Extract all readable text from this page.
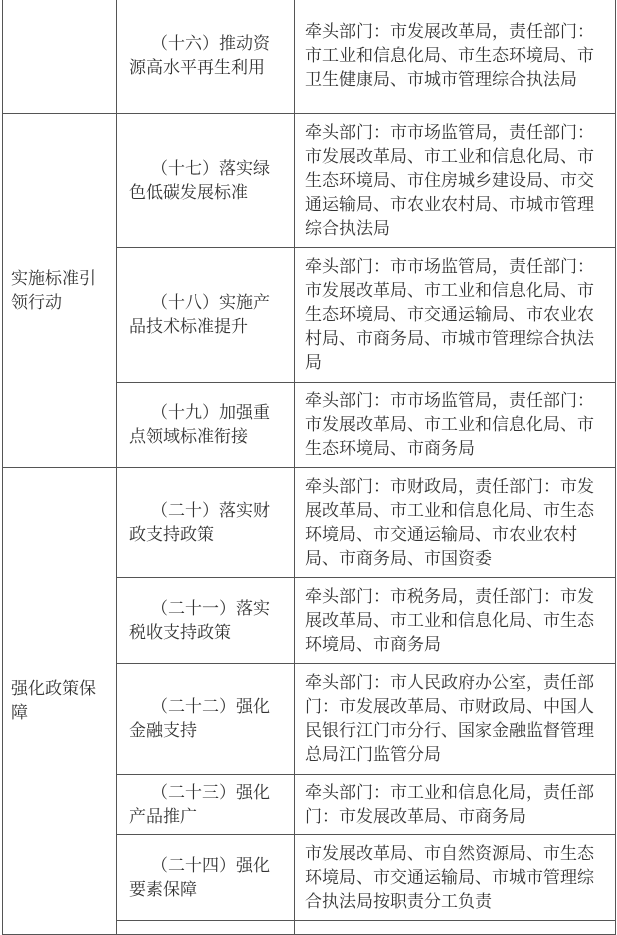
	（十六）推动资源高水平再生利用	牵头部门：市发展改革局，责任部门：市工业和信息化局、市生态环境局、市卫生健康局、市城市管理综合执法局
实施标准引领行动	（十七）落实绿色低碳发展标准	牵头部门：市市场监管局，责任部门：市发展改革局、市工业和信息化局、市生态环境局、市住房城乡建设局、市交通运输局、市农业农村局、市城市管理综合执法局
	（十八）实施产品技术标准提升	牵头部门：市市场监管局，责任部门：市发展改革局、市工业和信息化局、市生态环境局、市交通运输局、市农业农村局、市商务局、市城市管理综合执法局
	（十九）加强重点领域标准衔接	牵头部门：市市场监管局，责任部门：市发展改革局、市工业和信息化局、市生态环境局、市商务局
强化政策保障	（二十）落实财政支持政策	牵头部门：市财政局，责任部门：市发展改革局、市工业和信息化局、市生态环境局、市交通运输局、市农业农村局、市商务局、市国资委
	（二十一）落实税收支持政策	牵头部门：市税务局，责任部门：市发展改革局、市工业和信息化局、市生态环境局、市商务局
	（二十二）强化金融支持	牵头部门：市人民政府办公室，责任部门：市发展改革局、市财政局、中国人民银行江门市分行、国家金融监督管理总局江门监管分局
	（二十三）强化产品推广	牵头部门：市工业和信息化局，责任部门：市发展改革局、市商务局
	（二十四）强化要素保障	市发展改革局、市自然资源局、市生态环境局、市交通运输局、市城市管理综合执法局按职责分工负责
